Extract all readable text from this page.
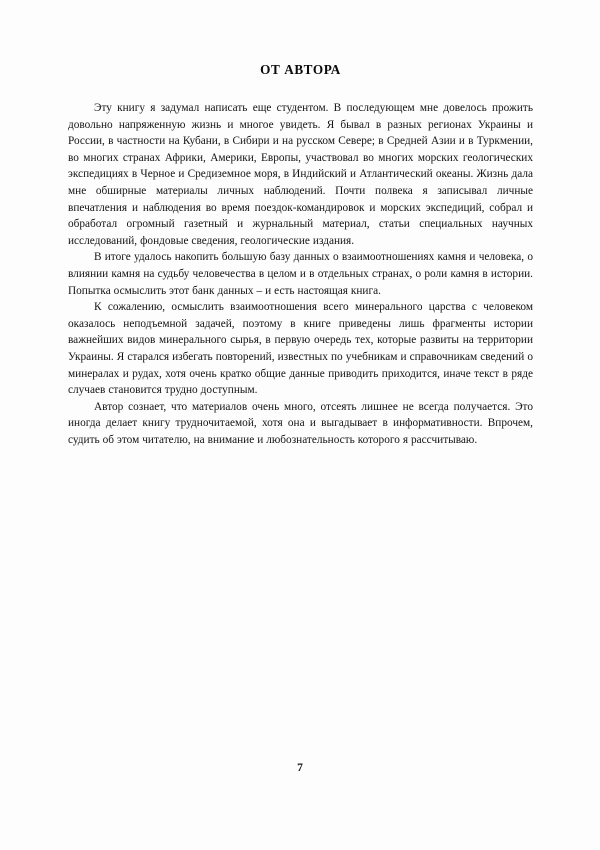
ОТ АВТОРА

Эту книгу я задумал написать еще студентом. В последующем мне довелось прожить довольно напряженную жизнь и многое увидеть. Я бывал в разных регионах Украины и России, в частности на Кубани, в Сибири и на русском Севере; в Средней Азии и в Туркмении, во многих странах Африки, Америки, Европы, участвовал во многих морских геологических экспедициях в Черное и Средиземное моря, в Индийский и Атлантический океаны. Жизнь дала мне обширные материалы личных наблюдений. Почти полвека я записывал личные впечатления и наблюдения во время поездок-командировок и морских экспедиций, собрал и обработал огромный газетный и журнальный материал, статьи специальных научных исследований, фондовые сведения, геологические издания.

В итоге удалось накопить большую базу данных о взаимоотношениях камня и человека, о влиянии камня на судьбу человечества в целом и в отдельных странах, о роли камня в истории. Попытка осмыслить этот банк данных – и есть настоящая книга.

К сожалению, осмыслить взаимоотношения всего минерального царства с человеком оказалось неподъемной задачей, поэтому в книге приведены лишь фрагменты истории важнейших видов минерального сырья, в первую очередь тех, которые развиты на территории Украины. Я старался избегать повторений, известных по учебникам и справочникам сведений о минералах и рудах, хотя очень кратко общие данные приводить приходится, иначе текст в ряде случаев становится трудно доступным.

Автор сознает, что материалов очень много, отсеять лишнее не всегда получается. Это иногда делает книгу трудночитаемой, хотя она и выгадывает в информативности. Впрочем, судить об этом читателю, на внимание и любознательность которого я рассчитываю.

7
